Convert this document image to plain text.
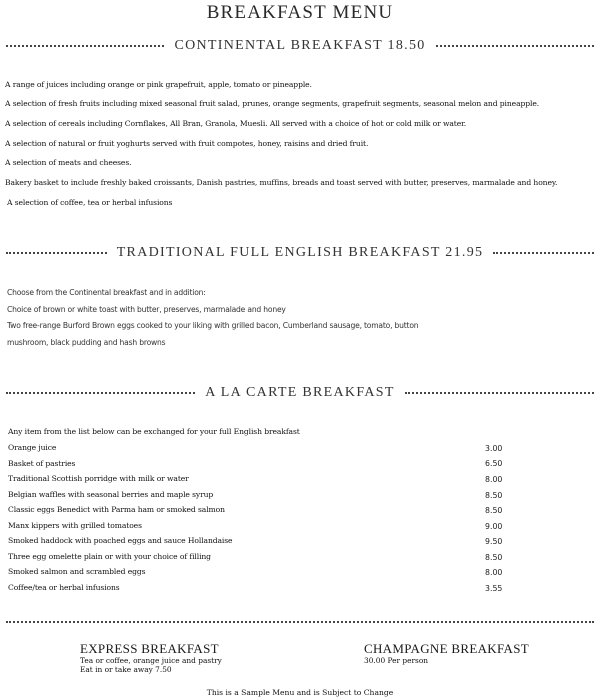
BREAKFAST MENU
CONTINENTAL BREAKFAST 18.50
A range of juices including orange or pink grapefruit, apple, tomato or pineapple.
A selection of fresh fruits including mixed seasonal fruit salad, prunes, orange segments, grapefruit segments, seasonal melon and pineapple.
A selection of cereals including Cornflakes, All Bran, Granola, Muesli. All served with a choice of hot or cold milk or water.
A selection of natural or fruit yoghurts served with fruit compotes, honey, raisins and dried fruit.
A selection of meats and cheeses.
Bakery basket to include freshly baked croissants, Danish pastries, muffins, breads and toast served with butter, preserves, marmalade and honey.
A selection of coffee, tea or herbal infusions
TRADITIONAL FULL ENGLISH BREAKFAST 21.95
Choose from the Continental breakfast and in addition:
Choice of brown or white toast with butter, preserves, marmalade and honey
Two free-range Burford Brown eggs cooked to your liking with grilled bacon, Cumberland sausage, tomato, button
mushroom, black pudding and hash browns
A LA CARTE BREAKFAST
Any item from the list below can be exchanged for your full English breakfast
Orange juice	3.00
Basket of pastries	6.50
Traditional Scottish porridge with milk or water	8.00
Belgian waffles with seasonal berries and maple syrup	8.50
Classic eggs Benedict with Parma ham or smoked salmon	8.50
Manx kippers with grilled tomatoes	9.00
Smoked haddock with poached eggs and sauce Hollandaise	9.50
Three egg omelette plain or with your choice of filling	8.50
Smoked salmon and scrambled eggs	8.00
Coffee/tea or herbal infusions	3.55
EXPRESS BREAKFAST
Tea or coffee, orange juice and pastry
Eat in or take away 7.50
CHAMPAGNE BREAKFAST
30.00 Per person
This is a Sample Menu and is Subject to Change
